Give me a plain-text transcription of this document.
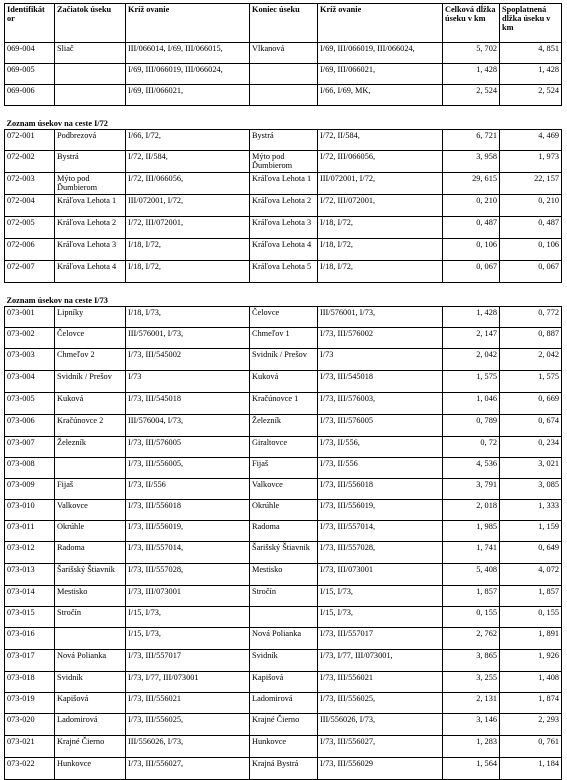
Identifikát or	Začiatok úseku	Kríž ovanie	Koniec úseku	Kríž ovanie	Celková dĺžka úseku v km	Spoplatnená dĺžka úseku v km
069-004	Sliač	III/066014, I/69, III/066015,	Vlkanová	I/69, III/066019, III/066024,	5, 702	4, 851
069-005		I/69, III/066019, III/066024,		I/69, III/066021,	1, 428	1, 428
069-006		I/69, III/066021,		I/66, I/69, MK,	2, 524	2, 524
Zoznam úsekov na ceste I/72						
072-001	Podbrezová	I/66, I/72,	Bystrá	I/72, II/584,	6, 721	4, 469
072-002	Bystrá	I/72, II/584,	Mýto pod Ďumbierom	I/72, III/066056,	3, 958	1, 973
072-003	Mýto pod Ďumbierom	I/72, III/066056,	Kráľova Lehota 1	III/072001, I/72,	29, 615	22, 157
072-004	Kráľova Lehota 1	III/072001, I/72,	Kráľova Lehota 2	I/72, III/072001,	0, 210	0, 210
072-005	Kráľova Lehota 2	I/72, III/072001,	Kráľova Lehota 3	I/18, I/72,	0, 487	0, 487
072-006	Kráľova Lehota 3	I/18, I/72,	Kráľova Lehota 4	I/18, I/72,	0, 106	0, 106
072-007	Kráľova Lehota 4	I/18, I/72,	Kráľova Lehota 5	I/18, I/72,	0, 067	0, 067
Zoznam úsekov na ceste I/73						
073-001	Lipníky	I/18, I/73,	Čelovce	III/576001, I/73,	1, 428	0, 772
073-002	Čelovce	III/576001, I/73,	Chmeľov 1	I/73, III/576002	2, 147	0, 887
073-003	Chmeľov 2	I/73, III/545002	Svidník / Prešov	I/73	2, 042	2, 042
073-004	Svidník / Prešov	I/73	Kuková	I/73, III/545018	1, 575	1, 575
073-005	Kuková	I/73, III/545018	Kračúnovce 1	I/73, III/576003,	1, 046	0, 669
073-006	Kračúnovce 2	III/576004, I/73,	Železník	I/73, III/576005	0, 789	0, 674
073-007	Železník	I/73, III/576005	Giraltovce	I/73, II/556,	0, 72	0, 234
073-008		I/73, III/556005,	Fijaš	I/73, II/556	4, 536	3, 021
073-009	Fijaš	I/73, II/556	Valkovce	I/73, III/556018	3, 791	3, 085
073-010	Valkovce	I/73, III/556018	Okrúhle	I/73, III/556019,	2, 018	1, 333
073-011	Okrúhle	I/73, III/556019,	Radoma	I/73, III/557014,	1, 985	1, 159
073-012	Radoma	I/73, III/557014,	Šarišský Štiavnik	I/73, III/557028,	1, 741	0, 649
073-013	Šarišský Štiavnik	I/73, III/557028,	Mestisko	I/73, III/073001	5, 408	4, 072
073-014	Mestisko	I/73, III/073001	Stročín	I/15, I/73,	1, 857	1, 857
073-015	Stročín	I/15, I/73,		I/15, I/73,	0, 155	0, 155
073-016		I/15, I/73,	Nová Polianka	I/73, III/557017	2, 762	1, 891
073-017	Nová Polianka	I/73, III/557017	Svidník	I/73, I/77, III/073001,	3, 865	1, 926
073-018	Svidník	I/73, I/77, III/073001	Kapišová	I/73, III/556021	3, 255	1, 408
073-019	Kapišová	I/73, III/556021	Ladomirová	I/73, III/556025,	2, 131	1, 874
073-020	Ladomirová	I/73, III/556025,	Krajné Čierno	III/556026, I/73,	3, 146	2, 293
073-021	Krajné Čierno	III/556026, I/73,	Hunkovce	I/73, III/556027,	1, 283	0, 761
073-022	Hunkovce	I/73, III/556027,	Krajná Bystrá	I/73, III/556029	1, 564	1, 184
